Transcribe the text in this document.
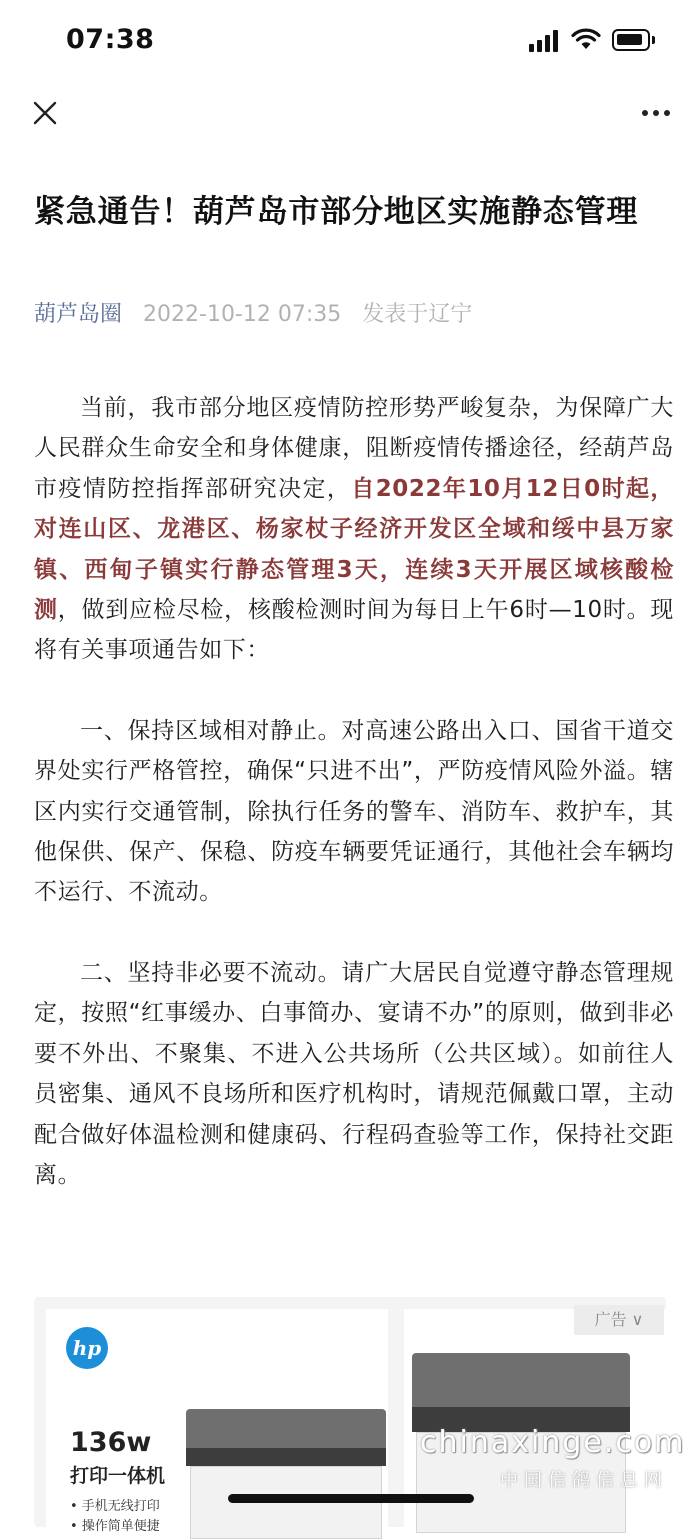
07:38
紧急通告！葫芦岛市部分地区实施静态管理
葫芦岛圈 2022-10-12 07:35 发表于辽宁

当前，我市部分地区疫情防控形势严峻复杂，为保障广大人民群众生命安全和身体健康，阻断疫情传播途径，经葫芦岛市疫情防控指挥部研究决定，自2022年10月12日0时起，对连山区、龙港区、杨家杖子经济开发区全域和绥中县万家镇、西甸子镇实行静态管理3天，连续3天开展区域核酸检测，做到应检尽检，核酸检测时间为每日上午6时—10时。现将有关事项通告如下：

一、保持区域相对静止。对高速公路出入口、国省干道交界处实行严格管控，确保“只进不出”，严防疫情风险外溢。辖区内实行交通管制，除执行任务的警车、消防车、救护车，其他保供、保产、保稳、防疫车辆要凭证通行，其他社会车辆均不运行、不流动。

二、坚持非必要不流动。请广大居民自觉遵守静态管理规定，按照“红事缓办、白事简办、宴请不办”的原则，做到非必要不外出、不聚集、不进入公共场所（公共区域）。如前往人员密集、通风不良场所和医疗机构时，请规范佩戴口罩，主动配合做好体温检测和健康码、行程码查验等工作，保持社交距离。

hp
136w
打印一体机
• 手机无线打印
• 操作简单便捷
广告 ∨
chinaxinge.com
中国信鸽信息网
